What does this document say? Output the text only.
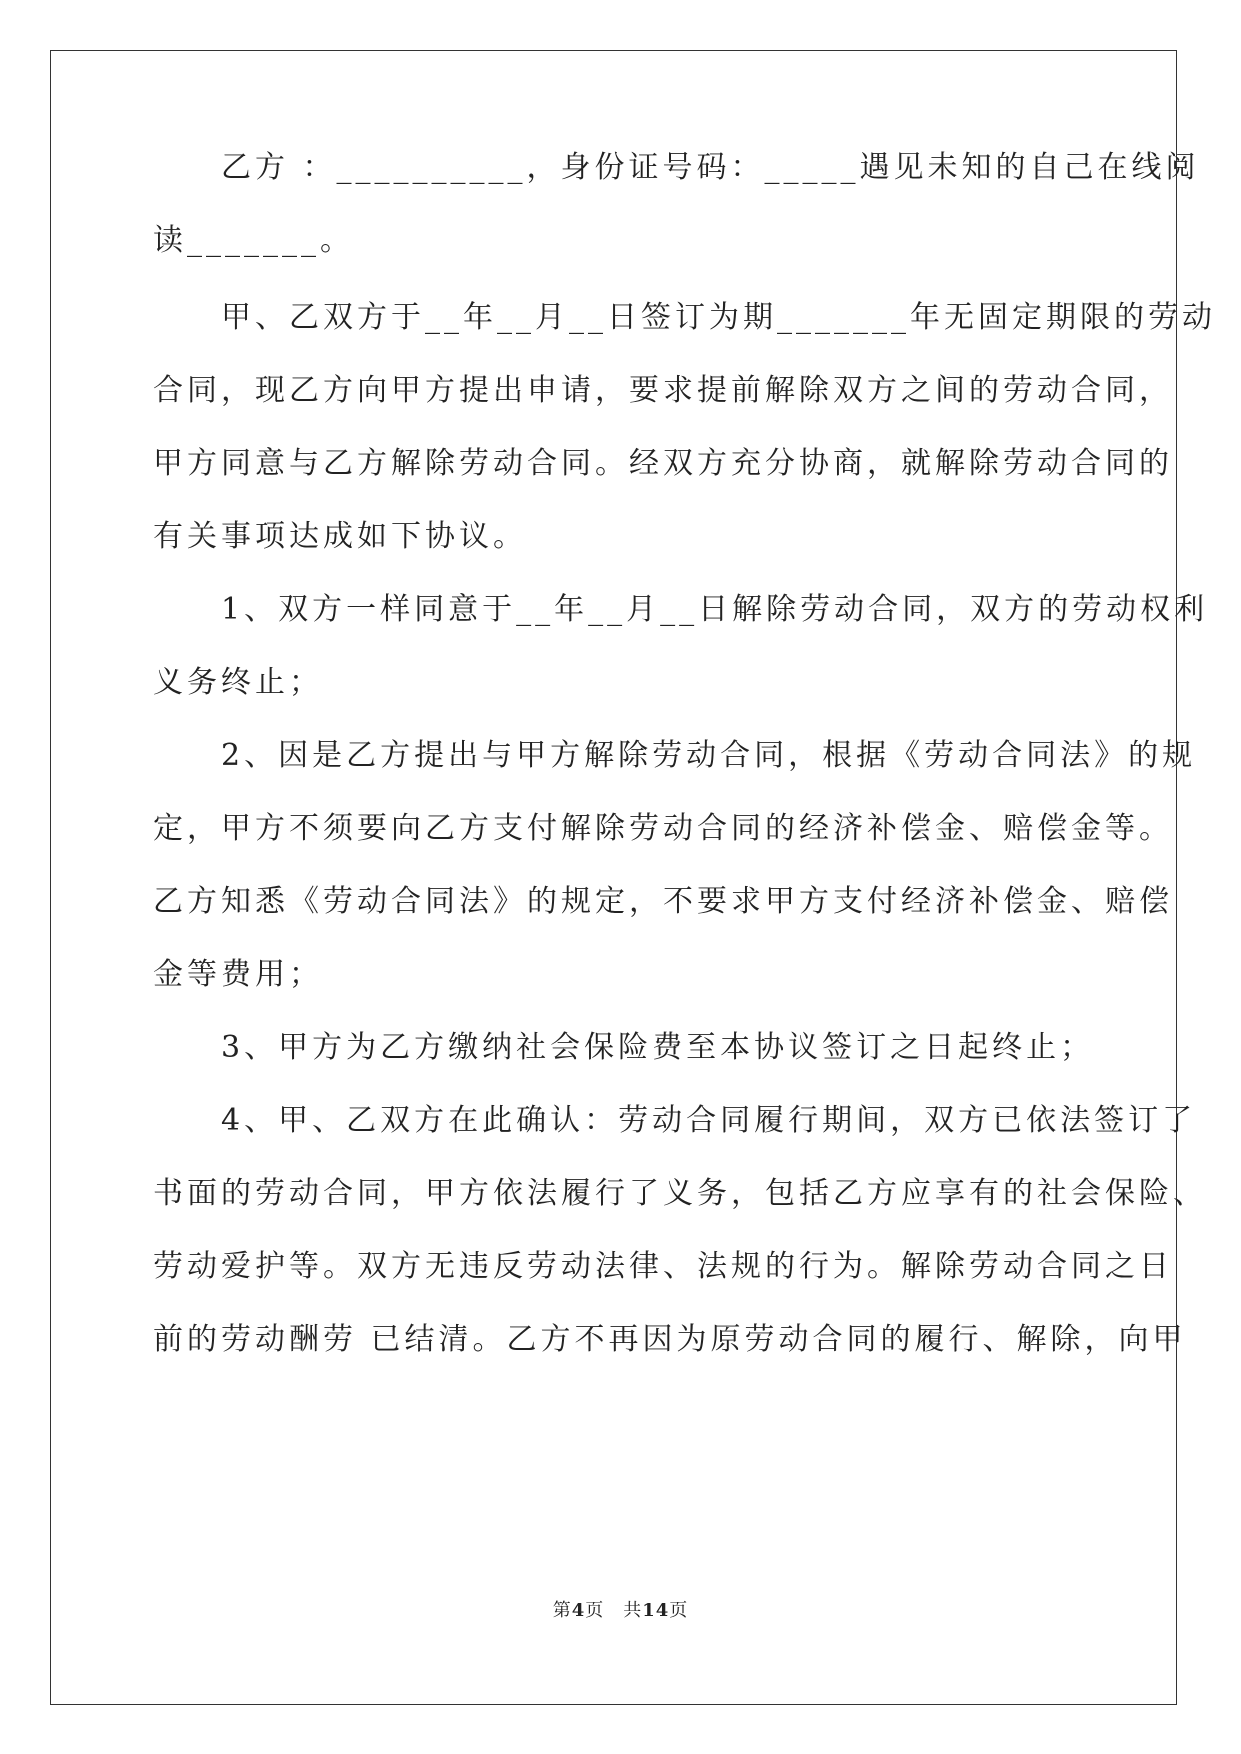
　　乙方 ：__________，身份证号码：_____遇见未知的自己在线阅
读_______。
　　甲、乙双方于__年__月__日签订为期_______年无固定期限的劳动
合同，现乙方向甲方提出申请，要求提前解除双方之间的劳动合同，
甲方同意与乙方解除劳动合同。经双方充分协商，就解除劳动合同的
有关事项达成如下协议。
　　1、双方一样同意于__年__月__日解除劳动合同，双方的劳动权利
义务终止；
　　2、因是乙方提出与甲方解除劳动合同，根据《劳动合同法》的规
定，甲方不须要向乙方支付解除劳动合同的经济补偿金、赔偿金等。
乙方知悉《劳动合同法》的规定，不要求甲方支付经济补偿金、赔偿
金等费用；
　　3、甲方为乙方缴纳社会保险费至本协议签订之日起终止；
　　4、甲、乙双方在此确认：劳动合同履行期间，双方已依法签订了
书面的劳动合同，甲方依法履行了义务，包括乙方应享有的社会保险、
劳动爱护等。双方无违反劳动法律、法规的行为。解除劳动合同之日
前的劳动酬劳 已结清。乙方不再因为原劳动合同的履行、解除，向甲
第4页　共14页
